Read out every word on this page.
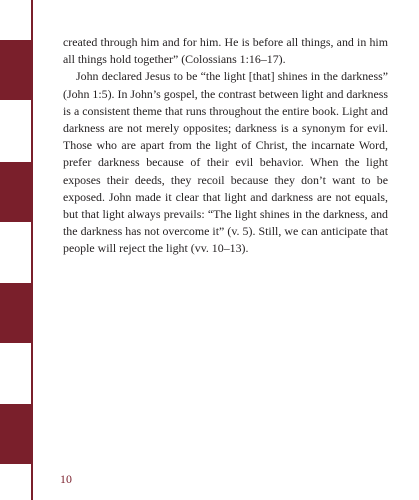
created through him and for him. He is before all things, and in him all things hold together” (Colossians 1:16–17).

John declared Jesus to be “the light [that] shines in the darkness” (John 1:5). In John’s gospel, the contrast between light and darkness is a consistent theme that runs throughout the entire book. Light and darkness are not merely opposites; darkness is a synonym for evil. Those who are apart from the light of Christ, the incarnate Word, prefer darkness because of their evil behavior. When the light exposes their deeds, they recoil because they don’t want to be exposed. John made it clear that light and darkness are not equals, but that light always prevails: “The light shines in the darkness, and the darkness has not overcome it” (v. 5). Still, we can anticipate that people will reject the light (vv. 10–13).

10
